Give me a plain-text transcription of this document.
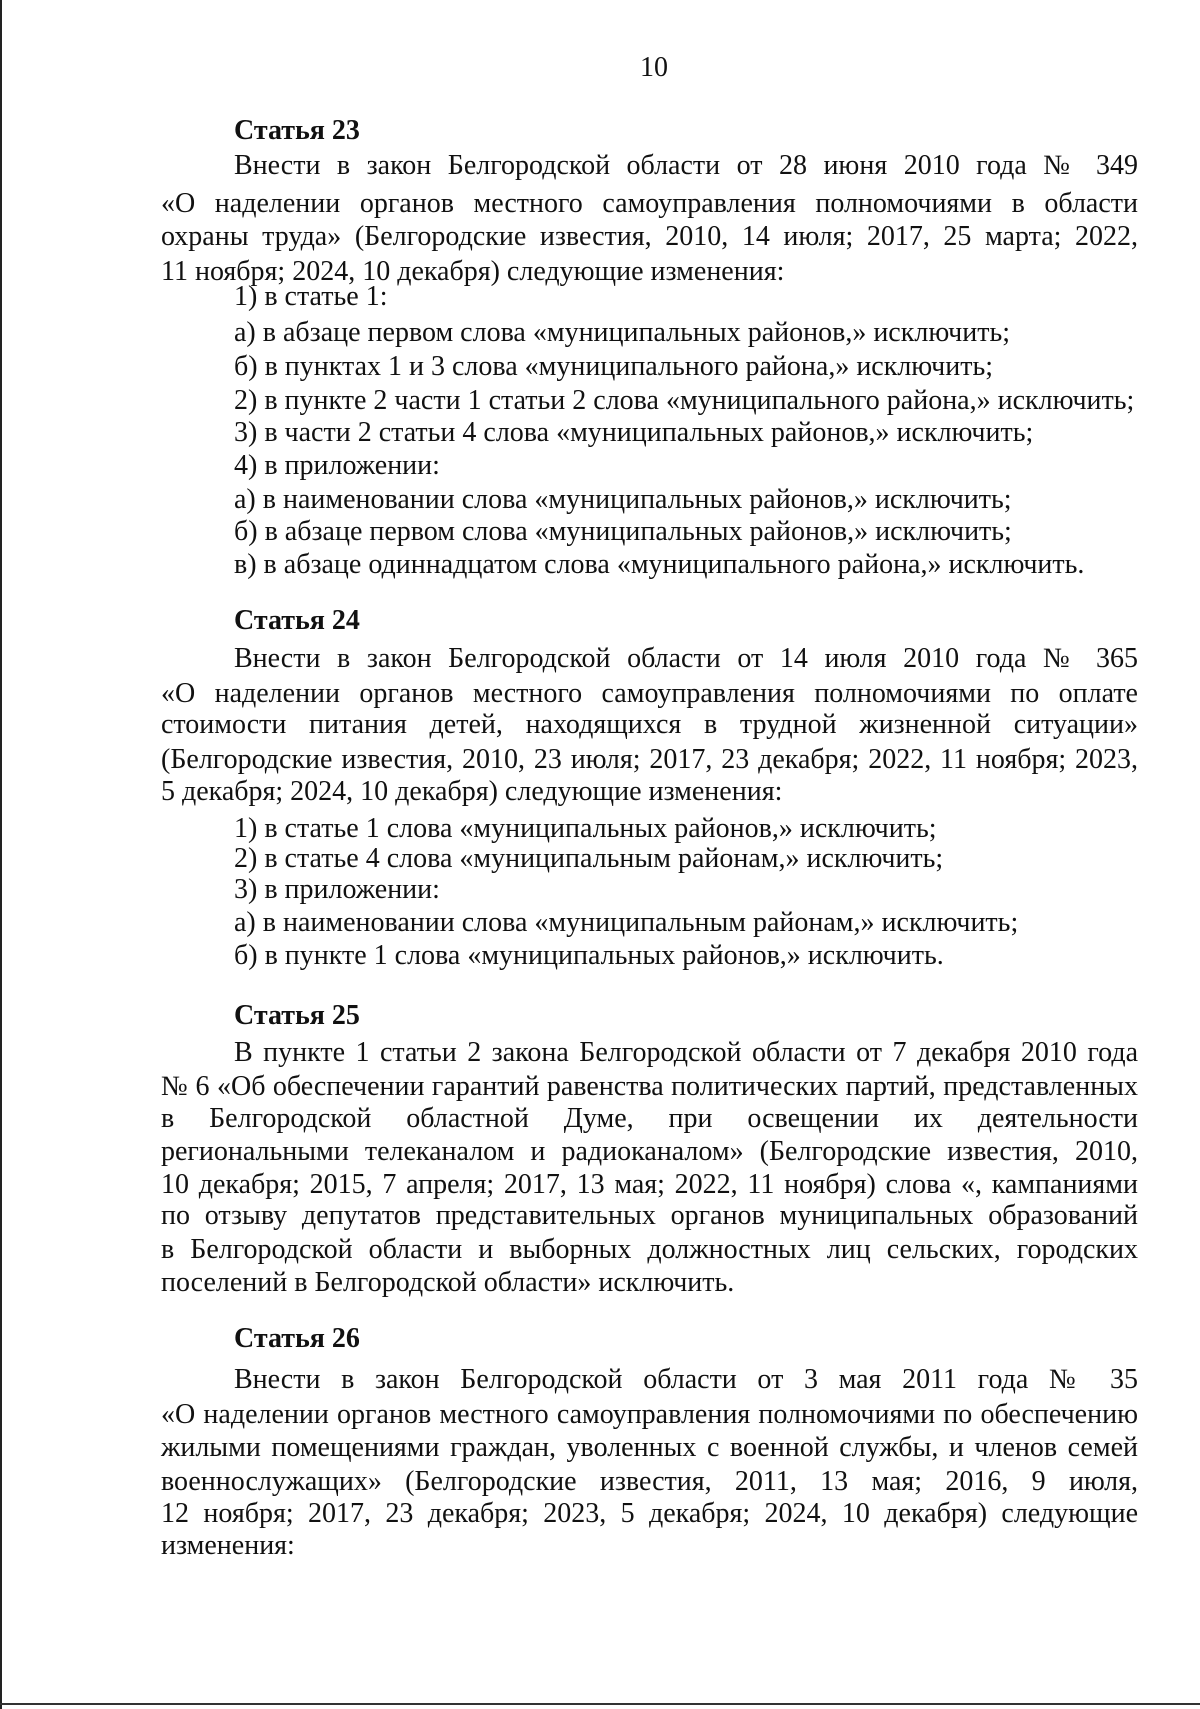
10
Статья 23
Внести в закон Белгородской области от 28 июня 2010 года № 349
«О наделении органов местного самоуправления полномочиями в области
охраны труда» (Белгородские известия, 2010, 14 июля; 2017, 25 марта; 2022,
11 ноября; 2024, 10 декабря) следующие изменения:
1) в статье 1:
а) в абзаце первом слова «муниципальных районов,» исключить;
б) в пунктах 1 и 3 слова «муниципального района,» исключить;
2) в пункте 2 части 1 статьи 2 слова «муниципального района,» исключить;
3) в части 2 статьи 4 слова «муниципальных районов,» исключить;
4) в приложении:
а) в наименовании слова «муниципальных районов,» исключить;
б) в абзаце первом слова «муниципальных районов,» исключить;
в) в абзаце одиннадцатом слова «муниципального района,» исключить.
Статья 24
Внести в закон Белгородской области от 14 июля 2010 года № 365
«О наделении органов местного самоуправления полномочиями по оплате
стоимости питания детей, находящихся в трудной жизненной ситуации»
(Белгородские известия, 2010, 23 июля; 2017, 23 декабря; 2022, 11 ноября; 2023,
5 декабря; 2024, 10 декабря) следующие изменения:
1) в статье 1 слова «муниципальных районов,» исключить;
2) в статье 4 слова «муниципальным районам,» исключить;
3) в приложении:
а) в наименовании слова «муниципальным районам,» исключить;
б) в пункте 1 слова «муниципальных районов,» исключить.
Статья 25
В пункте 1 статьи 2 закона Белгородской области от 7 декабря 2010 года
№ 6 «Об обеспечении гарантий равенства политических партий, представленных
в Белгородской областной Думе, при освещении их деятельности
региональными телеканалом и радиоканалом» (Белгородские известия, 2010,
10 декабря; 2015, 7 апреля; 2017, 13 мая; 2022, 11 ноября) слова «, кампаниями
по отзыву депутатов представительных органов муниципальных образований
в Белгородской области и выборных должностных лиц сельских, городских
поселений в Белгородской области» исключить.
Статья 26
Внести в закон Белгородской области от 3 мая 2011 года № 35
«О наделении органов местного самоуправления полномочиями по обеспечению
жилыми помещениями граждан, уволенных с военной службы, и членов семей
военнослужащих» (Белгородские известия, 2011, 13 мая; 2016, 9 июля,
12 ноября; 2017, 23 декабря; 2023, 5 декабря; 2024, 10 декабря) следующие
изменения:
